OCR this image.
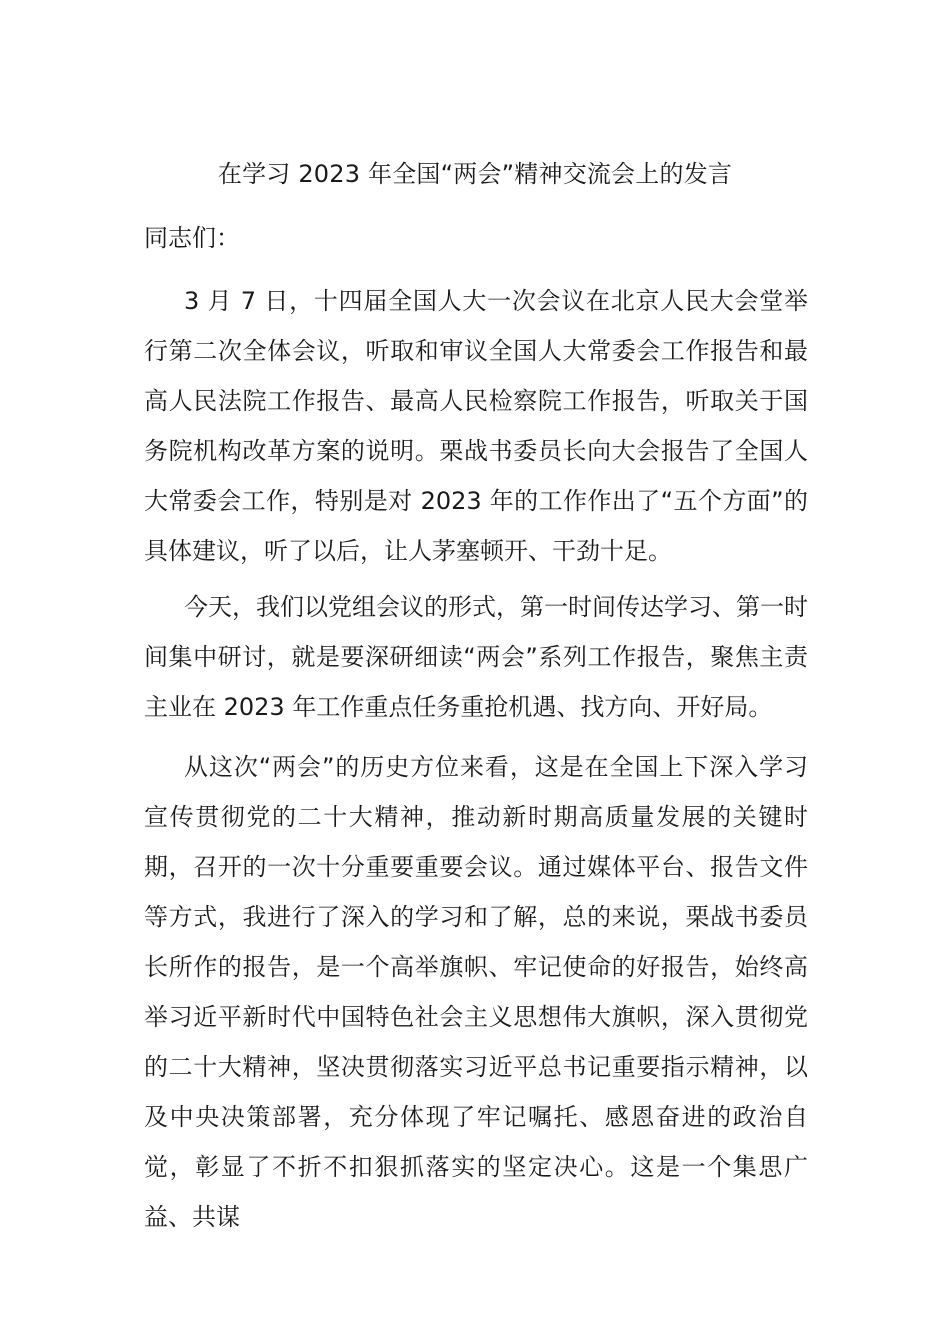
在学习 2023 年全国“两会”精神交流会上的发言

同志们：

3 月 7 日，十四届全国人大一次会议在北京人民大会堂举行第二次全体会议，听取和审议全国人大常委会工作报告和最高人民法院工作报告、最高人民检察院工作报告，听取关于国务院机构改革方案的说明。栗战书委员长向大会报告了全国人大常委会工作，特别是对 2023 年的工作作出了“五个方面”的具体建议，听了以后，让人茅塞顿开、干劲十足。

今天，我们以党组会议的形式，第一时间传达学习、第一时间集中研讨，就是要深研细读“两会”系列工作报告，聚焦主责主业在 2023 年工作重点任务重抢机遇、找方向、开好局。

从这次“两会”的历史方位来看，这是在全国上下深入学习宣传贯彻党的二十大精神，推动新时期高质量发展的关键时期，召开的一次十分重要重要会议。通过媒体平台、报告文件等方式，我进行了深入的学习和了解，总的来说，栗战书委员长所作的报告，是一个高举旗帜、牢记使命的好报告，始终高举习近平新时代中国特色社会主义思想伟大旗帜，深入贯彻党的二十大精神，坚决贯彻落实习近平总书记重要指示精神，以及中央决策部署，充分体现了牢记嘱托、感恩奋进的政治自觉，彰显了不折不扣狠抓落实的坚定决心。这是一个集思广益、共谋
